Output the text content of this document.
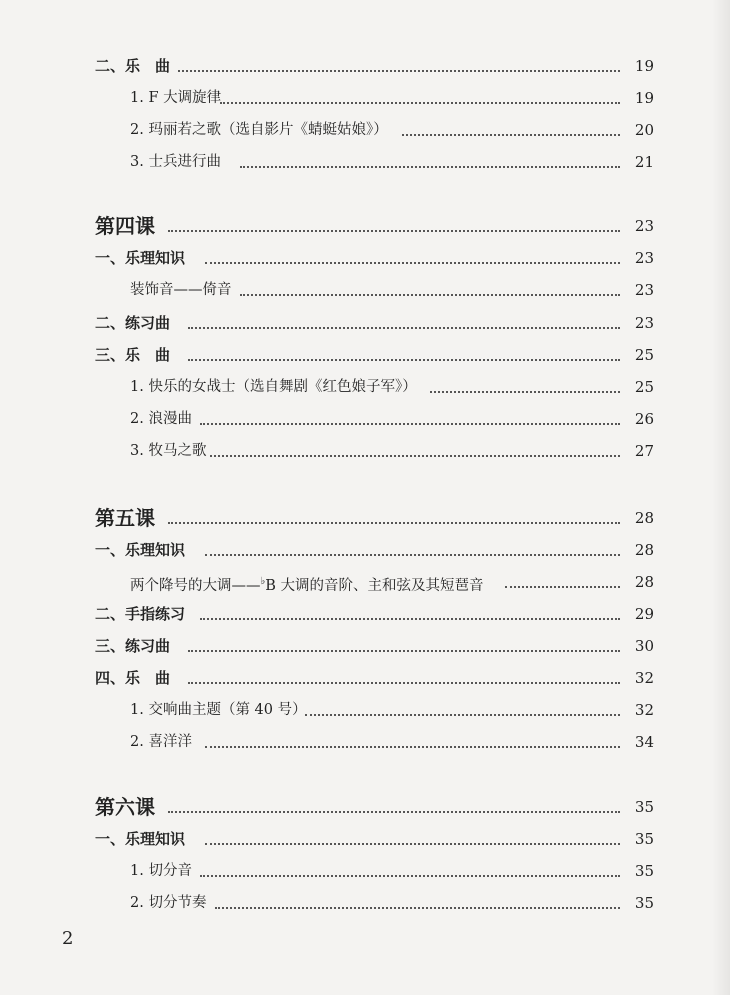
二、乐　曲	19
1. F 大调旋律	19
2. 玛丽若之歌（选自影片《蜻蜓姑娘》）	20
3. 士兵进行曲	21
第四课	23
一、乐理知识	23
装饰音——倚音	23
二、练习曲	23
三、乐　曲	25
1. 快乐的女战士（选自舞剧《红色娘子军》）	25
2. 浪漫曲	26
3. 牧马之歌	27
第五课	28
一、乐理知识	28
两个降号的大调——♭B 大调的音阶、主和弦及其短琶音	28
二、手指练习	29
三、练习曲	30
四、乐　曲	32
1. 交响曲主题（第 40 号）	32
2. 喜洋洋	34
第六课	35
一、乐理知识	35
1. 切分音	35
2. 切分节奏	35
2
